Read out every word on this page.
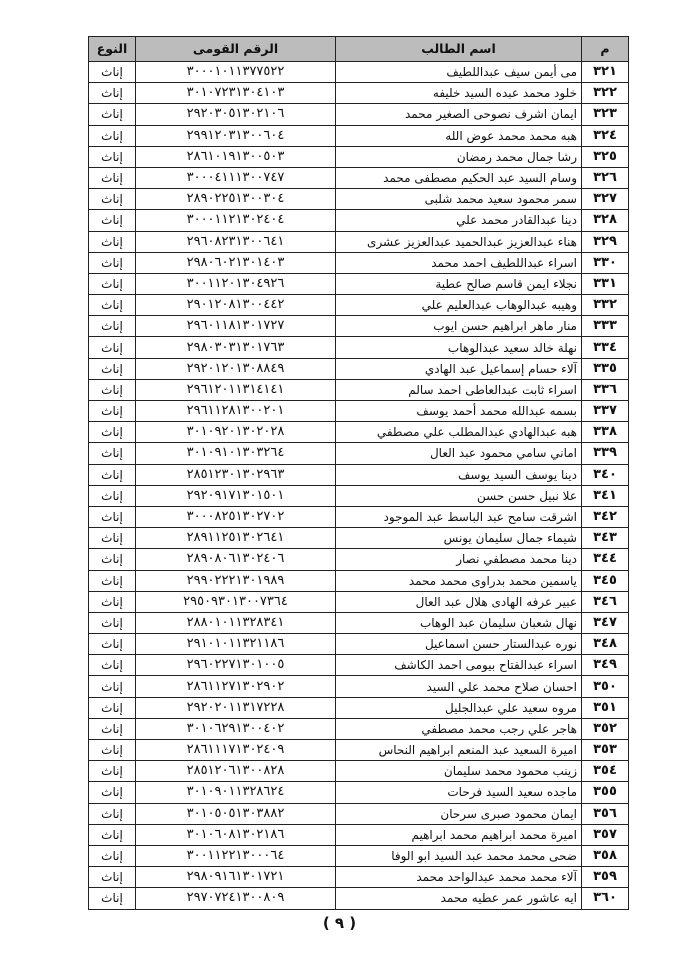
م	اسم الطالب	الرقم القومى	النوع
٣٢١	مى أيمن سيف عبداللطيف	٣٠٠٠١٠١١٣٧٧٥٢٢	إناث
٣٢٢	خلود محمد عبده السيد خليفه	٣٠١٠٧٢٣١٣٠٤١٠٣	إناث
٣٢٣	ايمان اشرف نصوحى الصغير محمد	٢٩٢٠٣٠٥١٣٠٢١٠٦	إناث
٣٢٤	هبه محمد محمد عوض الله	٢٩٩١٢٠٣١٣٠٠٦٠٤	إناث
٣٢٥	رشا جمال محمد رمضان	٢٨٦١٠١٩١٣٠٠٥٠٣	إناث
٣٢٦	وسام السيد عبد الحكيم مصطفى محمد	٣٠٠٠٤١١١٣٠٠٧٤٧	إناث
٣٢٧	سمر محمود سعيد محمد شلبى	٢٨٩٠٢٢٥١٣٠٠٣٠٤	إناث
٣٢٨	دينا عبدالقادر محمد علي	٣٠٠٠١١٢١٣٠٢٤٠٤	إناث
٣٢٩	هناء عبدالعزيز عبدالحميد عبدالعزيز عشرى	٢٩٦٠٨٢٣١٣٠٠٦٤١	إناث
٣٣٠	اسراء عبداللطيف احمد محمد	٢٩٨٠٦٠٢١٣٠١٤٠٣	إناث
٣٣١	نجلاء ايمن قاسم صالح عطية	٣٠٠١١٢٠١٣٠٤٩٢٦	إناث
٣٣٢	وهيبه عبدالوهاب عبدالعليم علي	٢٩٠١٢٠٨١٣٠٠٤٤٢	إناث
٣٣٣	منار ماهر ابراهيم حسن ايوب	٢٩٦٠١١٨١٣٠١٧٢٧	إناث
٣٣٤	نهلة خالد سعيد عبدالوهاب	٢٩٨٠٣٠٣١٣٠١٧٦٣	إناث
٣٣٥	آلاء حسام إسماعيل عبد الهادي	٢٩٢٠١٢٠١٣٠٨٨٤٩	إناث
٣٣٦	اسراء ثابت عبدالعاطى احمد سالم	٢٩٦١٢٠١١٣١٤١٤١	إناث
٣٣٧	بسمه عبدالله محمد أحمد يوسف	٢٩٦١١٢٨١٣٠٠٢٠١	إناث
٣٣٨	هبه عبدالهادي عبدالمطلب علي مصطفي	٣٠١٠٩٢٠١٣٠٢٠٢٨	إناث
٣٣٩	اماني سامي محمود عبد العال	٣٠١٠٩١٠١٣٠٣٢٦٤	إناث
٣٤٠	دينا يوسف السيد يوسف	٢٨٥١٢٣٠١٣٠٢٩٦٣	إناث
٣٤١	علا نبيل حسن حسن	٢٩٢٠٩١٧١٣٠١٥٠١	إناث
٣٤٢	اشرقت سامح عبد الباسط عبد الموجود	٣٠٠٠٨٢٥١٣٠٢٧٠٢	إناث
٣٤٣	شيماء جمال سليمان يونس	٢٨٩١١٢٥١٣٠٢٦٤١	إناث
٣٤٤	دينا محمد مصطفي نصار	٢٨٩٠٨٠٦١٣٠٢٤٠٦	إناث
٣٤٥	ياسمين محمد بدراوى محمد محمد	٢٩٩٠٢٢٢١٣٠١٩٨٩	إناث
٣٤٦	عبير عرفه الهادى هلال عبد العال	٢٩٥٠٩٣٠١٣٠٠٧٣٦٤	إناث
٣٤٧	نهال شعبان سليمان عبد الوهاب	٢٨٨٠١٠١١٣٢٨٣٤١	إناث
٣٤٨	نوره عبدالستار حسن اسماعيل	٢٩١٠١٠١١٣٢١١٨٦	إناث
٣٤٩	اسراء عبدالفتاح بيومى احمد الكاشف	٢٩٦٠٢٢٧١٣٠١٠٠٥	إناث
٣٥٠	احسان صلاح محمد علي السيد	٢٨٦١١٢٧١٣٠٢٩٠٢	إناث
٣٥١	مروه سعيد علي عبدالجليل	٢٩٢٠٢٠١١٣١٧٢٢٨	إناث
٣٥٢	هاجر علي رجب محمد مصطفي	٣٠١٠٦٢٩١٣٠٠٤٠٢	إناث
٣٥٣	اميرة السعيد عبد المنعم ابراهيم النحاس	٢٨٦١١١٧١٣٠٢٤٠٩	إناث
٣٥٤	زينب محمود محمد سليمان	٢٨٥١٢٠٦١٣٠٠٨٢٨	إناث
٣٥٥	ماجده سعيد السيد فرحات	٣٠١٠٩٠١١٣٢٨٦٢٤	إناث
٣٥٦	ايمان محمود صبرى سرحان	٣٠١٠٥٠٥١٣٠٣٨٨٢	إناث
٣٥٧	اميرة محمد ابراهيم محمد ابراهيم	٣٠١٠٦٠٨١٣٠٢١٨٦	إناث
٣٥٨	ضحى محمد محمد عبد السيد ابو الوفا	٣٠٠١١٢٢١٣٠٠٠٦٤	إناث
٣٥٩	آلاء محمد محمد عبدالواحد محمد	٢٩٨٠٩١٦١٣٠١٧٢١	إناث
٣٦٠	ايه عاشور عمر عطيه محمد	٢٩٧٠٧٢٤١٣٠٠٨٠٩	إناث
( ٩ )
